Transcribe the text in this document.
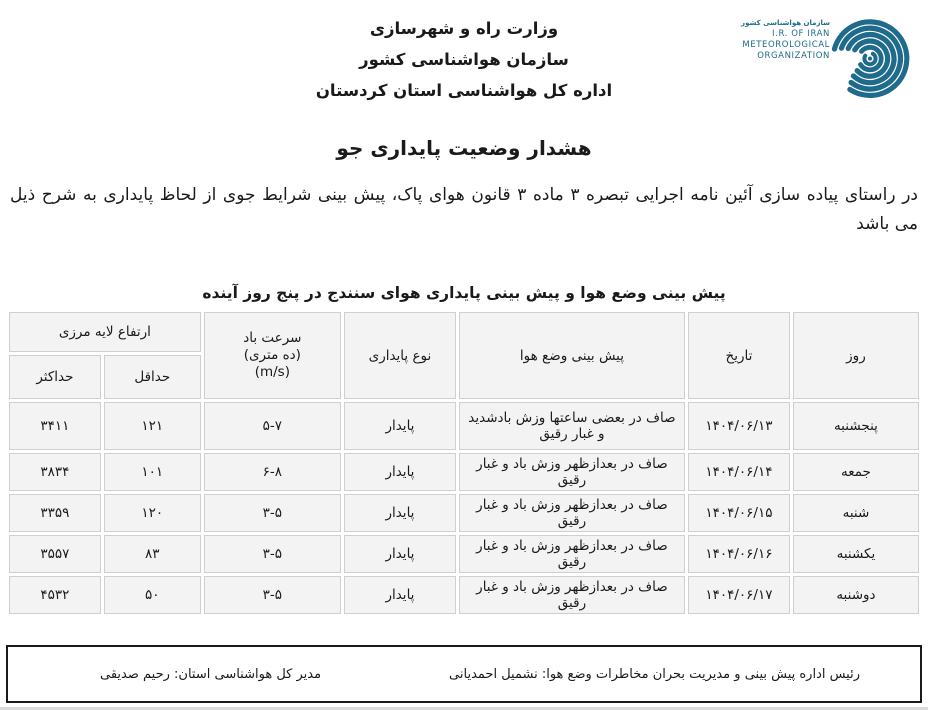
وزارت راه و شهرسازی
سازمان هواشناسی کشور
اداره کل هواشناسی استان کردستان
سازمان هواشناسی کشور
I.R. OF IRAN
METEOROLOGICAL
ORGANIZATION
هشدار وضعیت پایداری جو
در راستای پیاده سازی آئین نامه اجرایی تبصره ۳ ماده ۳ قانون هوای پاک، پیش بینی شرایط جوی از لحاظ پایداری به شرح ذیل می باشد
پیش بینی وضع هوا و پیش بینی پایداری هوای سنندج در پنج روز آینده
روز	تاریخ	پیش بینی وضع هوا	نوع پایداری	سرعت باد
(ده متری)
(m/s)	ارتفاع لایه مرزی	
					حداقل	حداکثر
پنجشنبه	۱۴۰۴/۰۶/۱۳	صاف در بعضی ساعتها وزش بادشدید و غبار رقیق	پایدار	۵-۷	۱۲۱	۳۴۱۱
جمعه	۱۴۰۴/۰۶/۱۴	صاف در بعدازظهر وزش باد و غبار رقیق	پایدار	۶-۸	۱۰۱	۳۸۳۴
شنبه	۱۴۰۴/۰۶/۱۵	صاف در بعدازظهر وزش باد و غبار رقیق	پایدار	۳-۵	۱۲۰	۳۳۵۹
یکشنبه	۱۴۰۴/۰۶/۱۶	صاف در بعدازظهر وزش باد و غبار رقیق	پایدار	۳-۵	۸۳	۳۵۵۷
دوشنبه	۱۴۰۴/۰۶/۱۷	صاف در بعدازظهر وزش باد و غبار رقیق	پایدار	۳-۵	۵۰	۴۵۳۲
رئیس اداره پیش بینی و مدیریت بحران مخاطرات وضع هوا: نشمیل احمدیانی
مدیر کل هواشناسی استان: رحیم صدیقی
